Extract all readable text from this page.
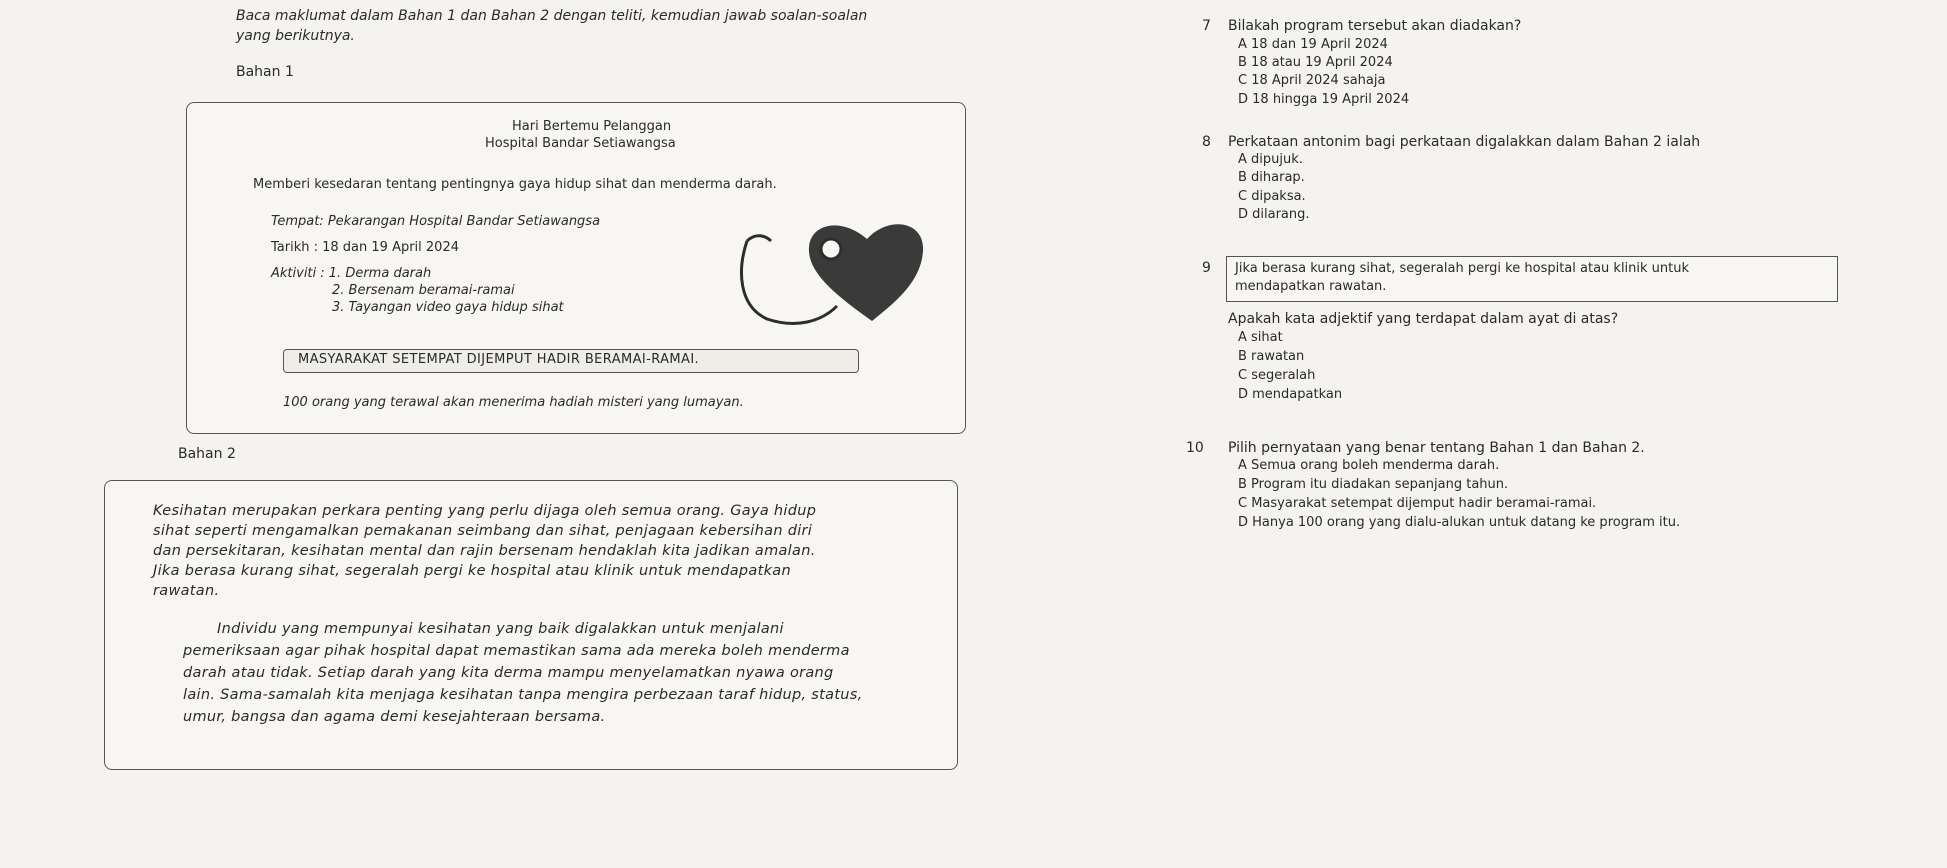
Baca maklumat dalam Bahan 1 dan Bahan 2 dengan teliti, kemudian jawab soalan-soalan
yang berikutnya.
Bahan 1
Hari Bertemu Pelanggan
Hospital Bandar Setiawangsa
Memberi kesedaran tentang pentingnya gaya hidup sihat dan menderma darah.
Tempat: Pekarangan Hospital Bandar Setiawangsa
Tarikh : 18 dan 19 April 2024
Aktiviti : 1. Derma darah
2. Bersenam beramai-ramai
3. Tayangan video gaya hidup sihat
MASYARAKAT SETEMPAT DIJEMPUT HADIR BERAMAI-RAMAI.
100 orang yang terawal akan menerima hadiah misteri yang lumayan.
Bahan 2
Kesihatan merupakan perkara penting yang perlu dijaga oleh semua orang. Gaya hidup
sihat seperti mengamalkan pemakanan seimbang dan sihat, penjagaan kebersihan diri
dan persekitaran, kesihatan mental dan rajin bersenam hendaklah kita jadikan amalan.
Jika berasa kurang sihat, segeralah pergi ke hospital atau klinik untuk mendapatkan
rawatan.
Individu yang mempunyai kesihatan yang baik digalakkan untuk menjalani
pemeriksaan agar pihak hospital dapat memastikan sama ada mereka boleh menderma
darah atau tidak. Setiap darah yang kita derma mampu menyelamatkan nyawa orang
lain. Sama-samalah kita menjaga kesihatan tanpa mengira perbezaan taraf hidup, status,
umur, bangsa dan agama demi kesejahteraan bersama.
7 Bilakah program tersebut akan diadakan?
A 18 dan 19 April 2024
B 18 atau 19 April 2024
C 18 April 2024 sahaja
D 18 hingga 19 April 2024
8 Perkataan antonim bagi perkataan digalakkan dalam Bahan 2 ialah
A dipujuk.
B diharap.
C dipaksa.
D dilarang.
9 Jika berasa kurang sihat, segeralah pergi ke hospital atau klinik untuk
mendapatkan rawatan.
Apakah kata adjektif yang terdapat dalam ayat di atas?
A sihat
B rawatan
C segeralah
D mendapatkan
10 Pilih pernyataan yang benar tentang Bahan 1 dan Bahan 2.
A Semua orang boleh menderma darah.
B Program itu diadakan sepanjang tahun.
C Masyarakat setempat dijemput hadir beramai-ramai.
D Hanya 100 orang yang dialu-alukan untuk datang ke program itu.
